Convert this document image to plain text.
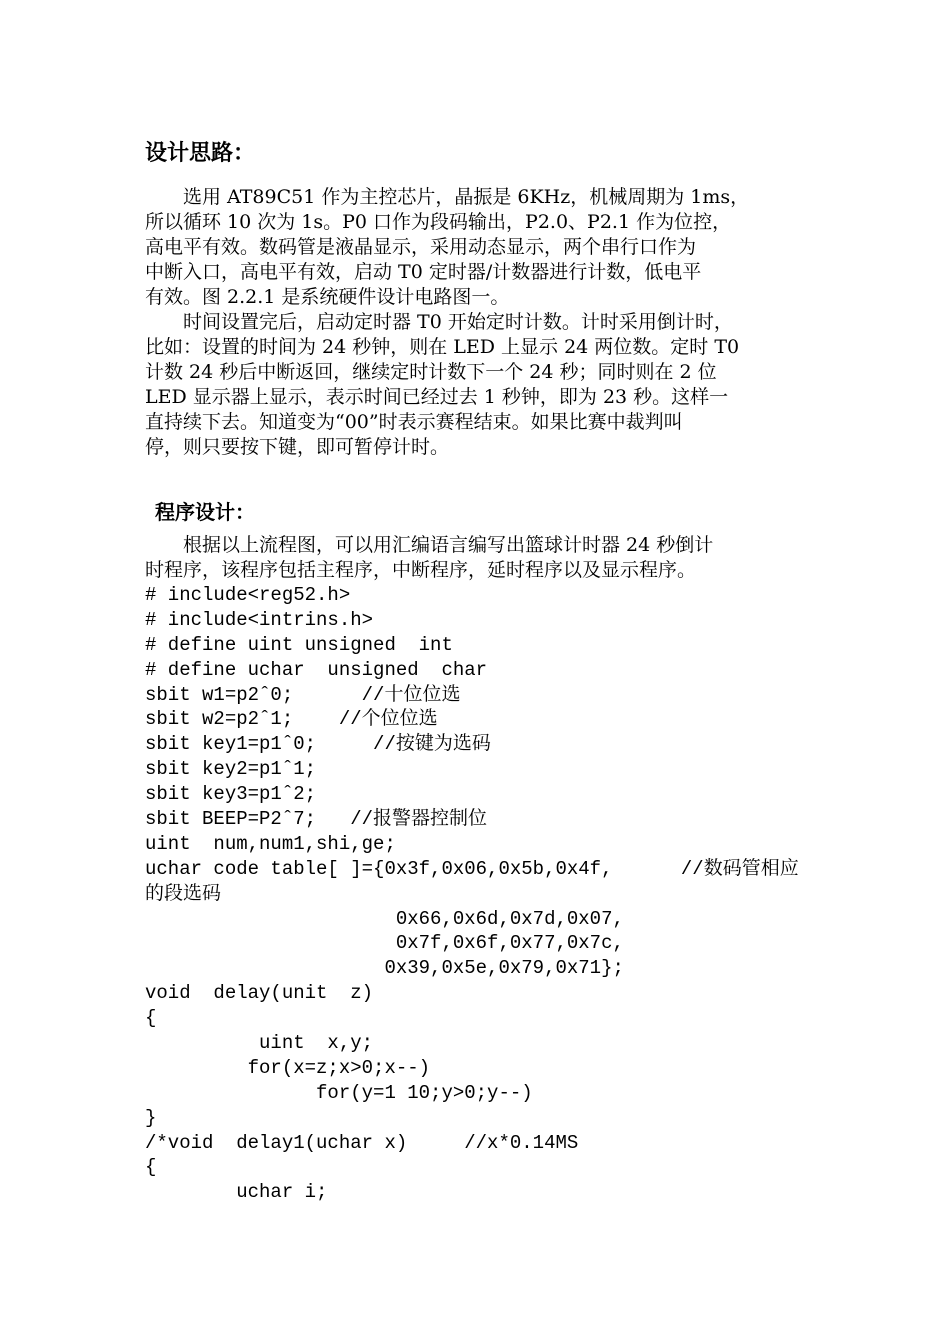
设计思路：
　　选用 AT89C51 作为主控芯片，晶振是 6KHz，机械周期为 1ms，
所以循环 10 次为 1s。P0 口作为段码输出，P2.0、P2.1 作为位控，
高电平有效。数码管是液晶显示，采用动态显示，两个串行口作为
中断入口，高电平有效，启动 T0 定时器/计数器进行计数，低电平
有效。图 2.2.1 是系统硬件设计电路图一。
　　时间设置完后，启动定时器 T0 开始定时计数。计时采用倒计时，
比如：设置的时间为 24 秒钟，则在 LED 上显示 24 两位数。定时 T0
计数 24 秒后中断返回，继续定时计数下一个 24 秒；同时则在 2 位
LED 显示器上显示，表示时间已经过去 1 秒钟，即为 23 秒。这样一
直持续下去。知道变为“00”时表示赛程结束。如果比赛中裁判叫
停，则只要按下键，即可暂停计时。
程序设计：
　　根据以上流程图，可以用汇编语言编写出篮球计时器 24 秒倒计
时程序，该程序包括主程序，中断程序，延时程序以及显示程序。
# include<reg52.h>
# include<intrins.h>
# define uint unsigned  int
# define uchar  unsigned  char
sbit w1=p2ˆ0;      //十位位选
sbit w2=p2ˆ1;    //个位位选
sbit key1=p1ˆ0;     //按键为选码
sbit key2=p1ˆ1;
sbit key3=p1ˆ2;
sbit BEEP=P2ˆ7;   //报警器控制位
uint  num,num1,shi,ge;
uchar code table[ ]={0x3f,0x06,0x5b,0x4f,      //数码管相应
的段选码
0x66,0x6d,0x7d,0x07,
0x7f,0x6f,0x77,0x7c,
0x39,0x5e,0x79,0x71};
void  delay(unit  z)
{
uint  x,y;
for(x=z;x>0;x--)
for(y=1 10;y>0;y--)
}
/*void  delay1(uchar x)     //x*0.14MS
{
uchar i;
